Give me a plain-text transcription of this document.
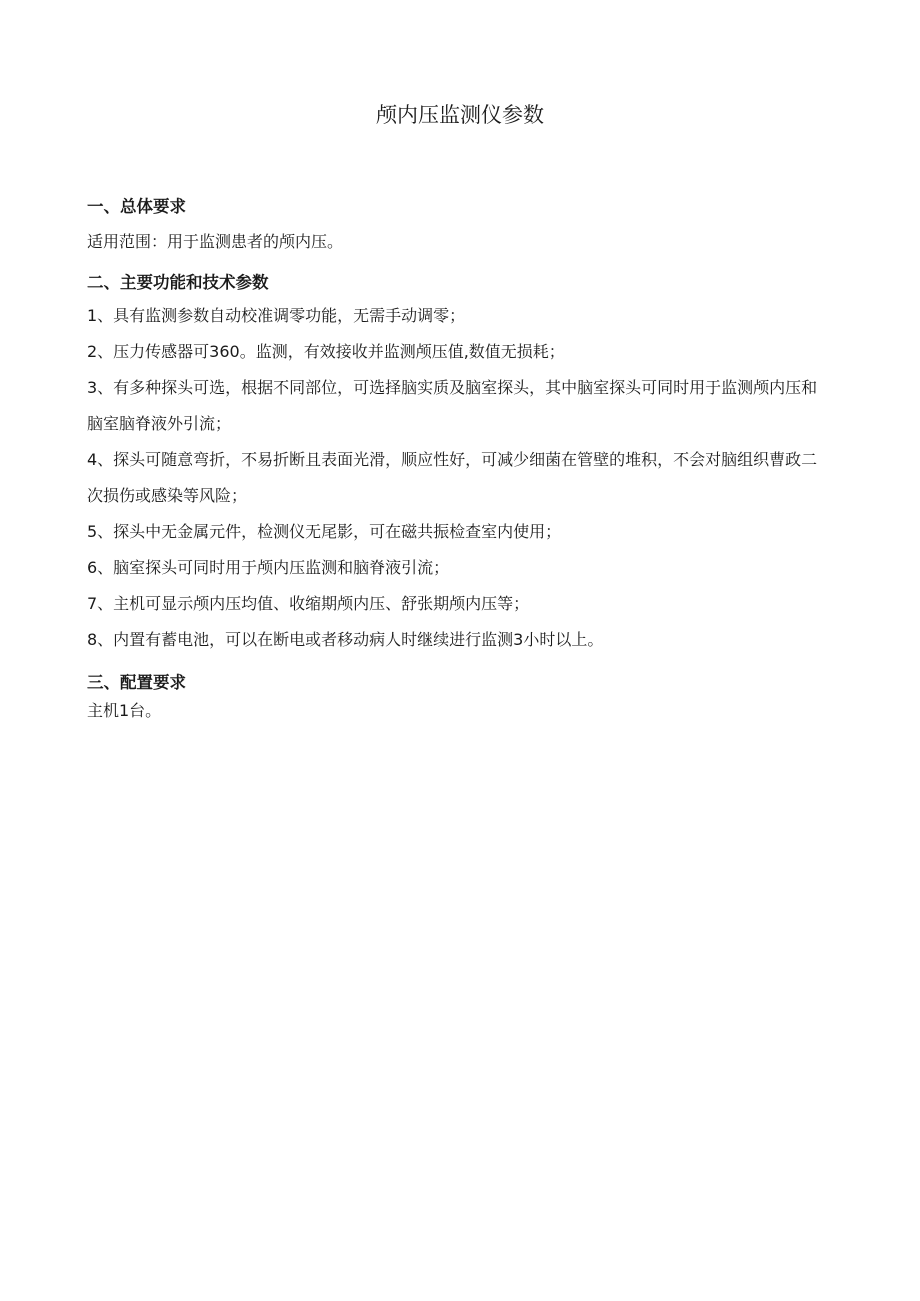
颅内压监测仪参数

一、总体要求

适用范围：用于监测患者的颅内压。

二、主要功能和技术参数

1、具有监测参数自动校准调零功能，无需手动调零；

2、压力传感器可360。监测，有效接收并监测颅压值,数值无损耗；

3、有多种探头可选，根据不同部位，可选择脑实质及脑室探头，其中脑室探头可同时用于监测颅内压和脑室脑脊液外引流；

4、探头可随意弯折，不易折断且表面光滑，顺应性好，可减少细菌在管壁的堆积，不会对脑组织曹政二次损伤或感染等风险；

5、探头中无金属元件，检测仪无尾影，可在磁共振检查室内使用；

6、脑室探头可同时用于颅内压监测和脑脊液引流；

7、主机可显示颅内压均值、收缩期颅内压、舒张期颅内压等；

8、内置有蓄电池，可以在断电或者移动病人时继续进行监测3小时以上。

三、配置要求

主机1台。
